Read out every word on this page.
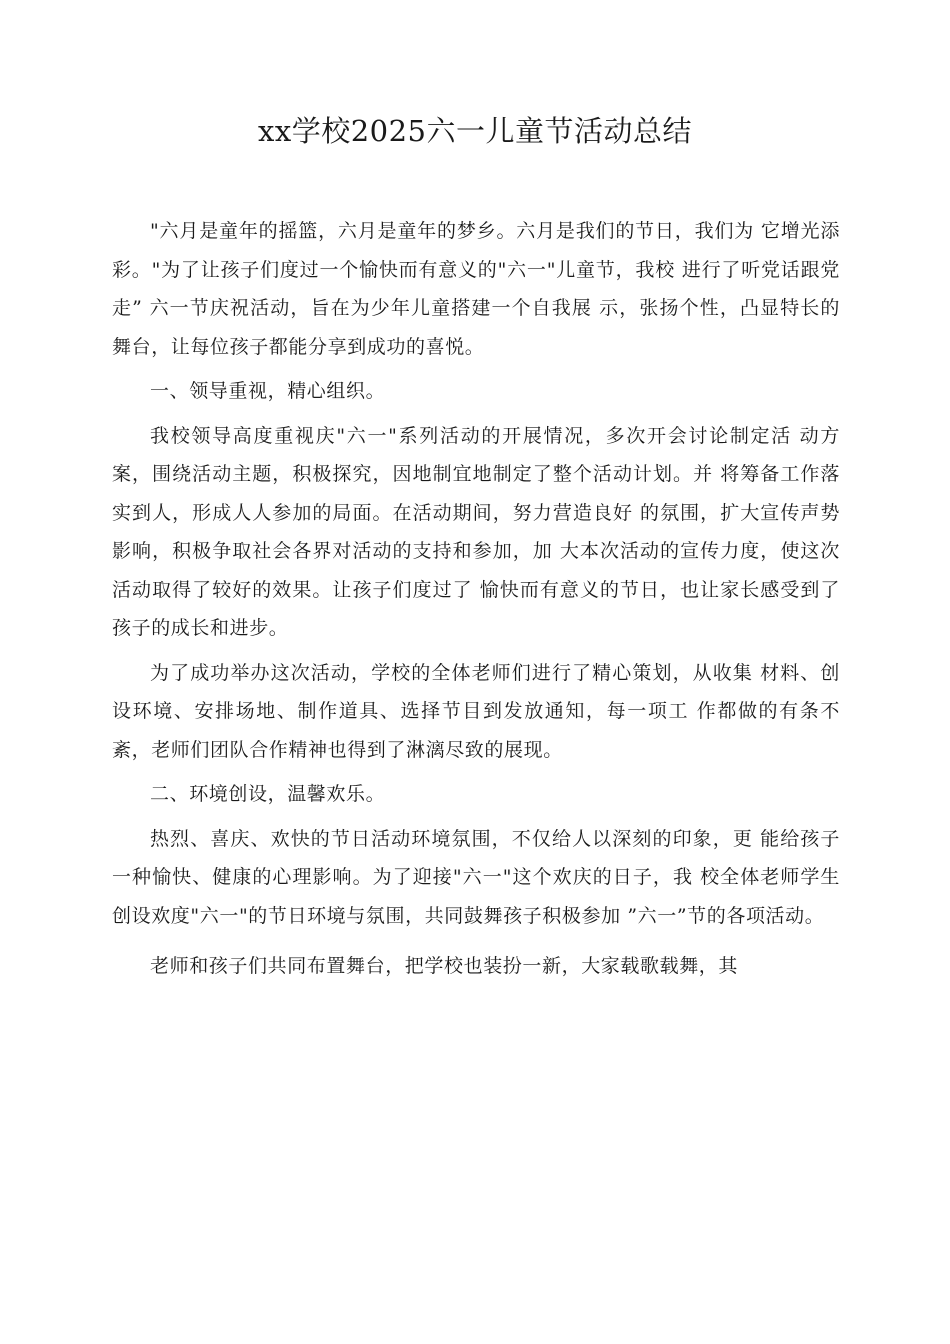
xx学校2025六一儿童节活动总结

"六月是童年的摇篮，六月是童年的梦乡。六月是我们的节日，我们为 它增光添彩。"为了让孩子们度过一个愉快而有意义的"六一"儿童节，我校 进行了听党话跟党走” 六一节庆祝活动，旨在为少年儿童搭建一个自我展 示，张扬个性，凸显特长的舞台，让每位孩子都能分享到成功的喜悦。

一、领导重视，精心组织。

我校领导高度重视庆"六一"系列活动的开展情况，多次开会讨论制定活 动方案，围绕活动主题，积极探究，因地制宜地制定了整个活动计划。并 将筹备工作落实到人，形成人人参加的局面。在活动期间，努力营造良好 的氛围，扩大宣传声势影响，积极争取社会各界对活动的支持和参加，加 大本次活动的宣传力度，使这次活动取得了较好的效果。让孩子们度过了 愉快而有意义的节日，也让家长感受到了孩子的成长和进步。

为了成功举办这次活动，学校的全体老师们进行了精心策划，从收集 材料、创设环境、安排场地、制作道具、选择节目到发放通知，每一项工 作都做的有条不紊，老师们团队合作精神也得到了淋漓尽致的展现。

二、环境创设，温馨欢乐。

热烈、喜庆、欢快的节日活动环境氛围，不仅给人以深刻的印象，更 能给孩子一种愉快、健康的心理影响。为了迎接"六一"这个欢庆的日子，我 校全体老师学生创设欢度"六一"的节日环境与氛围，共同鼓舞孩子积极参加 ”六一”节的各项活动。

老师和孩子们共同布置舞台，把学校也装扮一新，大家载歌载舞，其
